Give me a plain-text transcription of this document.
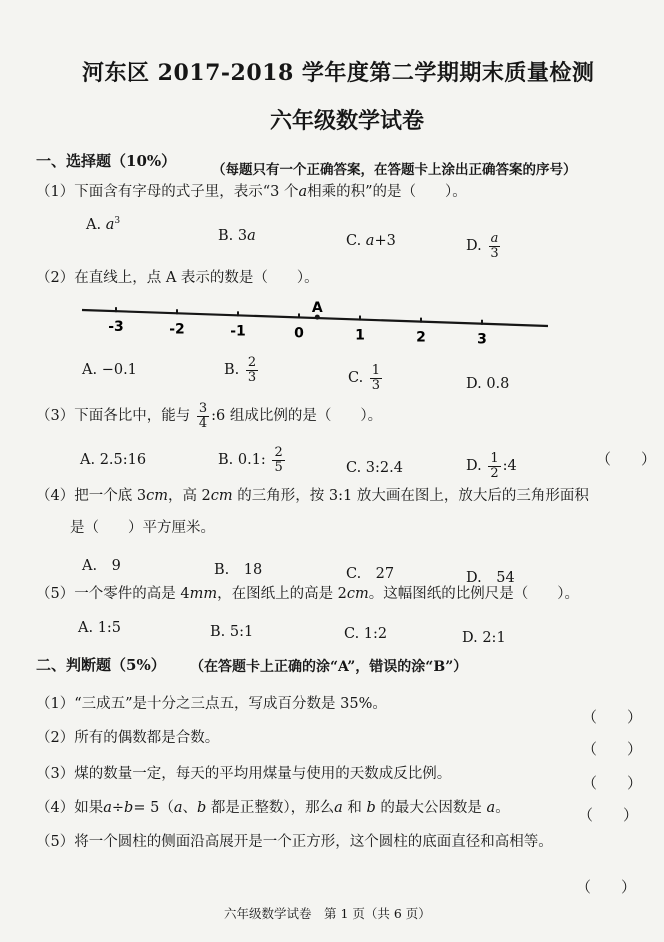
河东区 2017-2018 学年度第二学期期末质量检测
六年级数学试卷
一、选择题（10%）	（每题只有一个正确答案，在答题卡上涂出正确答案的序号）
（1）下面含有字母的式子里，表示“3 个a相乘的积”的是（　　）。
A. $a^3$
B. 3a	C. a+3	D. $\frac{a}{3}$
（2）在直线上，点 A 表示的数是（　　）。
-3	-2	-1	0	1	2	3
A
A. −0.1	B. $\frac{2}{3}$	C. $\frac{1}{3}$	D. 0.8
（3）下面各比中，能与 $\frac{3}{4}$ :6 组成比例的是（　　）。
A. 2.5:16	B. 0.1: $\frac{2}{5}$	C. 3:2.4	D. $\frac{1}{2}$ :4	（　　）
（4）把一个底 3cm，高 2cm 的三角形，按 3:1 放大画在图上，放大后的三角形面积
是（　　）平方厘米。
A.　9	B.　18	C.　27	D.　54
（5）一个零件的高是 4mm，在图纸上的高是 2cm。这幅图纸的比例尺是（　　）。
A. 1:5	B. 5:1	C. 1:2	D. 2:1
二、判断题（5%） （在答题卡上正确的涂“A”，错误的涂“B”）
（1）“三成五”是十分之三点五，写成百分数是 35%。
（　　）
（2）所有的偶数都是合数。
（　　）
（3）煤的数量一定，每天的平均用煤量与使用的天数成反比例。	（　　）
（4）如果a÷b= 5（a、b 都是正整数），那么a 和 b 的最大公因数是 a。	（　　）
（5）将一个圆柱的侧面沿高展开是一个正方形，这个圆柱的底面直径和高相等。
（　　）
六年级数学试卷　第 1 页（共 6 页）
